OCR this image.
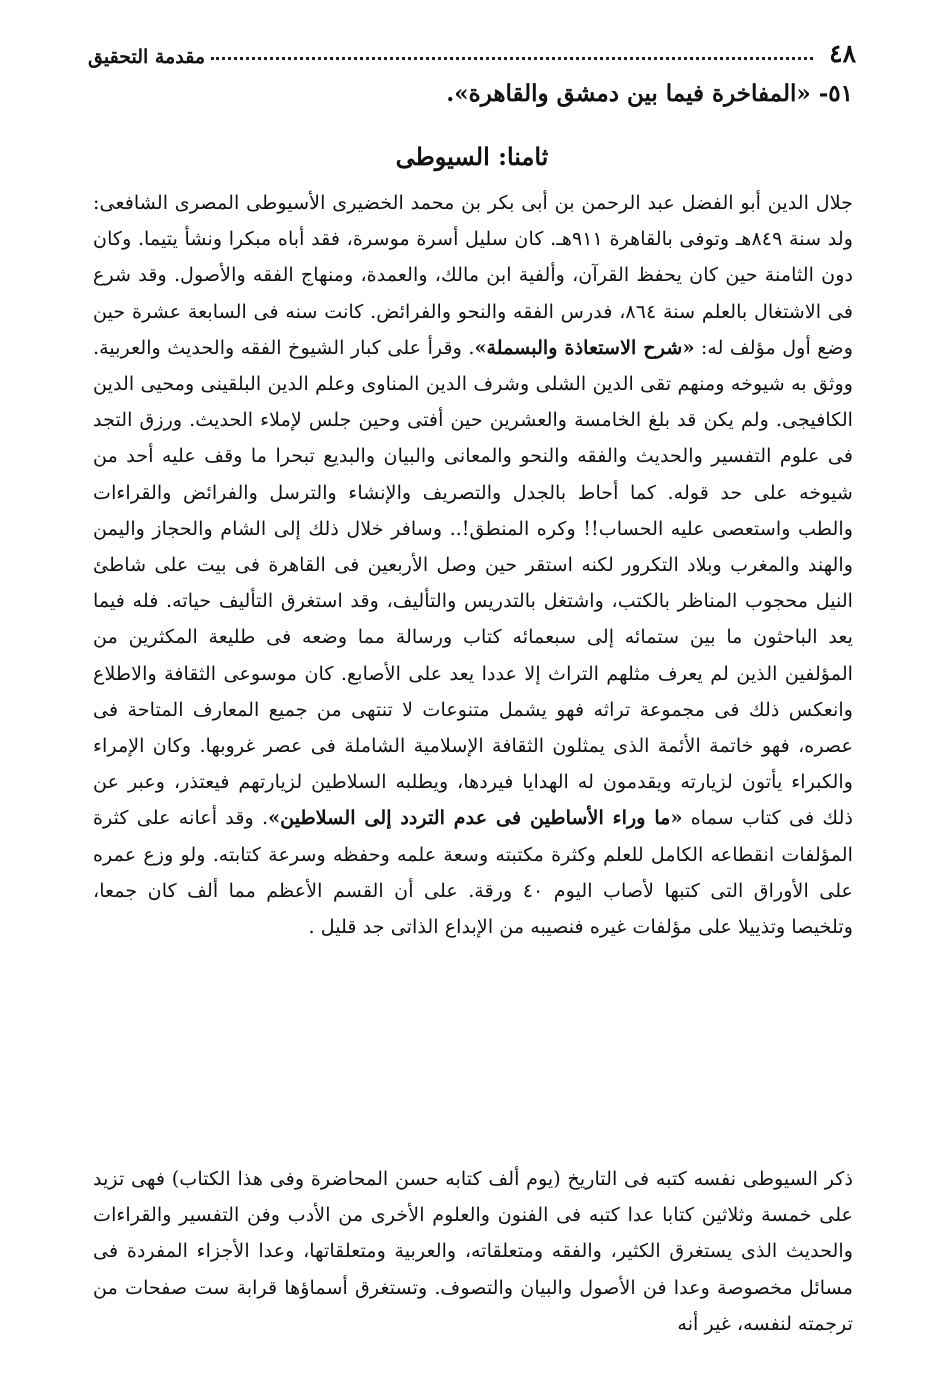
٤٨
مقدمة التحقيق
٥١- «المفاخرة فيما بين دمشق والقاهرة».
ثامنا: السيوطى

جلال الدين أبو الفضل عبد الرحمن بن أبى بكر بن محمد الخضيرى الأسيوطى المصرى الشافعى: ولد سنة ٨٤٩هـ وتوفى بالقاهرة ٩١١هـ. كان سليل أسرة موسرة، فقد أباه مبكرا ونشأ يتيما. وكان دون الثامنة حين كان يحفظ القرآن، وألفية ابن مالك، والعمدة، ومنهاج الفقه والأصول. وقد شرع فى الاشتغال بالعلم سنة ٨٦٤، فدرس الفقه والنحو والفرائض. كانت سنه فى السابعة عشرة حين وضع أول مؤلف له: «شرح الاستعاذة والبسملة». وقرأ على كبار الشيوخ الفقه والحديث والعربية. ووثق به شيوخه ومنهم تقى الدين الشلى وشرف الدين المناوى وعلم الدين البلقينى ومحيى الدين الكافيجى. ولم يكن قد بلغ الخامسة والعشرين حين أفتى وحين جلس لإملاء الحديث. ورزق التجد فى علوم التفسير والحديث والفقه والنحو والمعانى والبيان والبديع تبحرا ما وقف عليه أحد من شيوخه على حد قوله. كما أحاط بالجدل والتصريف والإنشاء والترسل والفرائض والقراءات والطب واستعصى عليه الحساب!! وكره المنطق!.. وسافر خلال ذلك إلى الشام والحجاز واليمن والهند والمغرب وبلاد التكرور لكنه استقر حين وصل الأربعين فى القاهرة فى بيت على شاطئ النيل محجوب المناظر بالكتب، واشتغل بالتدريس والتأليف، وقد استغرق التأليف حياته. فله فيما يعد الباحثون ما بين ستمائه إلى سبعمائه كتاب ورسالة مما وضعه فى طليعة المكثرين من المؤلفين الذين لم يعرف مثلهم التراث إلا عددا يعد على الأصابع. كان موسوعى الثقافة والاطلاع وانعكس ذلك فى مجموعة تراثه فهو يشمل متنوعات لا تنتهى من جميع المعارف المتاحة فى عصره، فهو خاتمة الأئمة الذى يمثلون الثقافة الإسلامية الشاملة فى عصر غروبها. وكان الإمراء والكبراء يأتون لزيارته ويقدمون له الهدايا فيردها، ويطلبه السلاطين لزيارتهم فيعتذر، وعبر عن ذلك فى كتاب سماه «ما وراء الأساطين فى عدم التردد إلى السلاطين». وقد أعانه على كثرة المؤلفات انقطاعه الكامل للعلم وكثرة مكتبته وسعة علمه وحفظه وسرعة كتابته. ولو وزع عمره على الأوراق التى كتبها لأصاب اليوم ٤٠ ورقة. على أن القسم الأعظم مما ألف كان جمعا، وتلخيصا وتذييلا على مؤلفات غيره فنصيبه من الإبداع الذاتى جد قليل .

ذكر السيوطى نفسه كتبه فى التاريخ (يوم ألف كتابه حسن المحاضرة وفى هذا الكتاب) فهى تزيد على خمسة وثلاثين كتابا عدا كتبه فى الفنون والعلوم الأخرى من الأدب وفن التفسير والقراءات والحديث الذى يستغرق الكثير، والفقه ومتعلقاته، والعربية ومتعلقاتها، وعدا الأجزاء المفردة فى مسائل مخصوصة وعدا فن الأصول والبيان والتصوف. وتستغرق أسماؤها قرابة ست صفحات من ترجمته لنفسه، غير أنه
